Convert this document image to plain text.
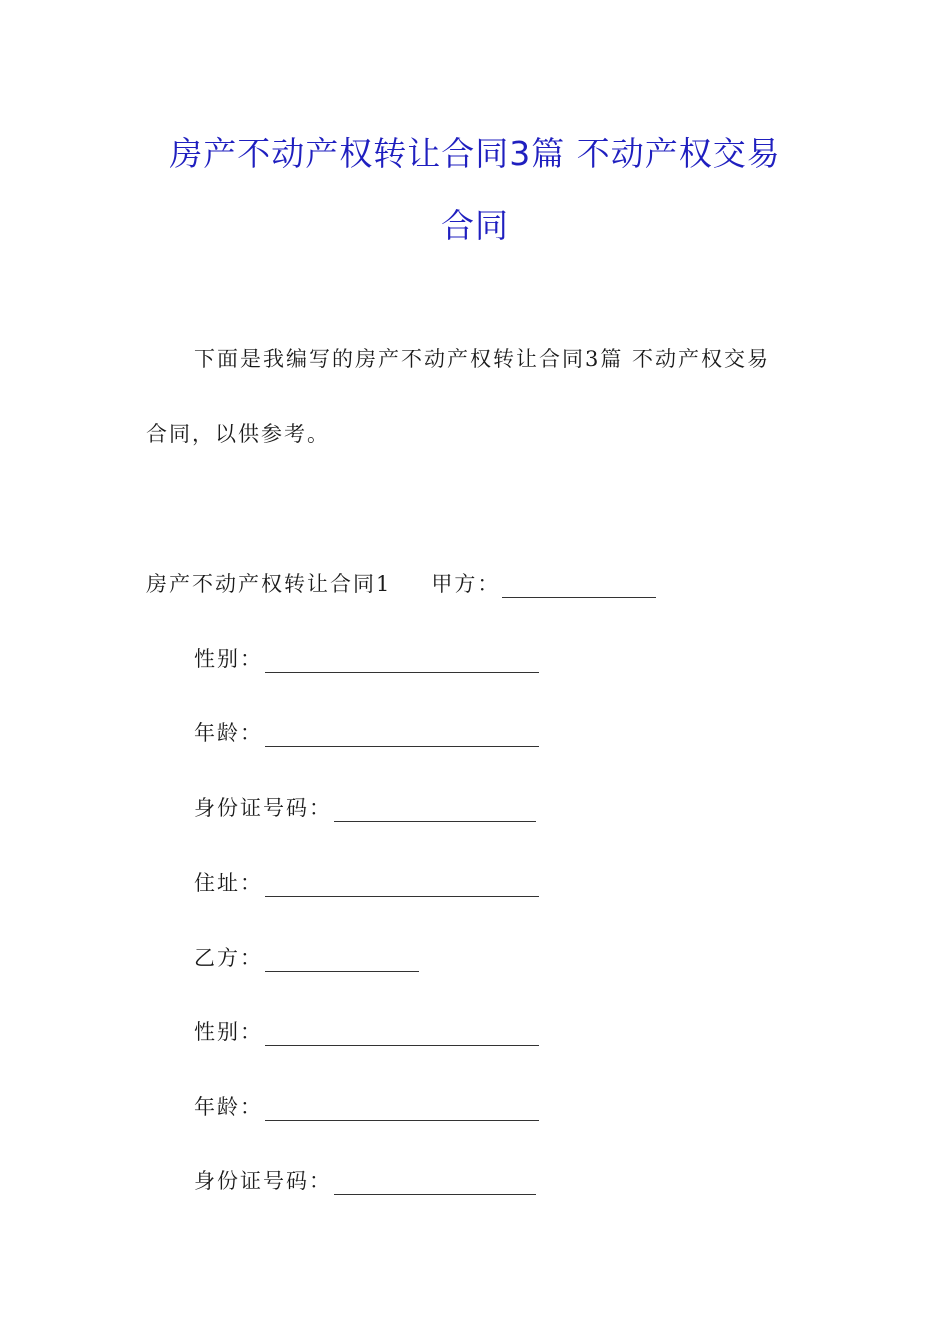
房产不动产权转让合同3篇 不动产权交易
合同
下面是我编写的房产不动产权转让合同3篇 不动产权交易
合同，以供参考。
房产不动产权转让合同1 甲方：
性别：
年龄：
身份证号码：
住址：
乙方：
性别：
年龄：
身份证号码：
